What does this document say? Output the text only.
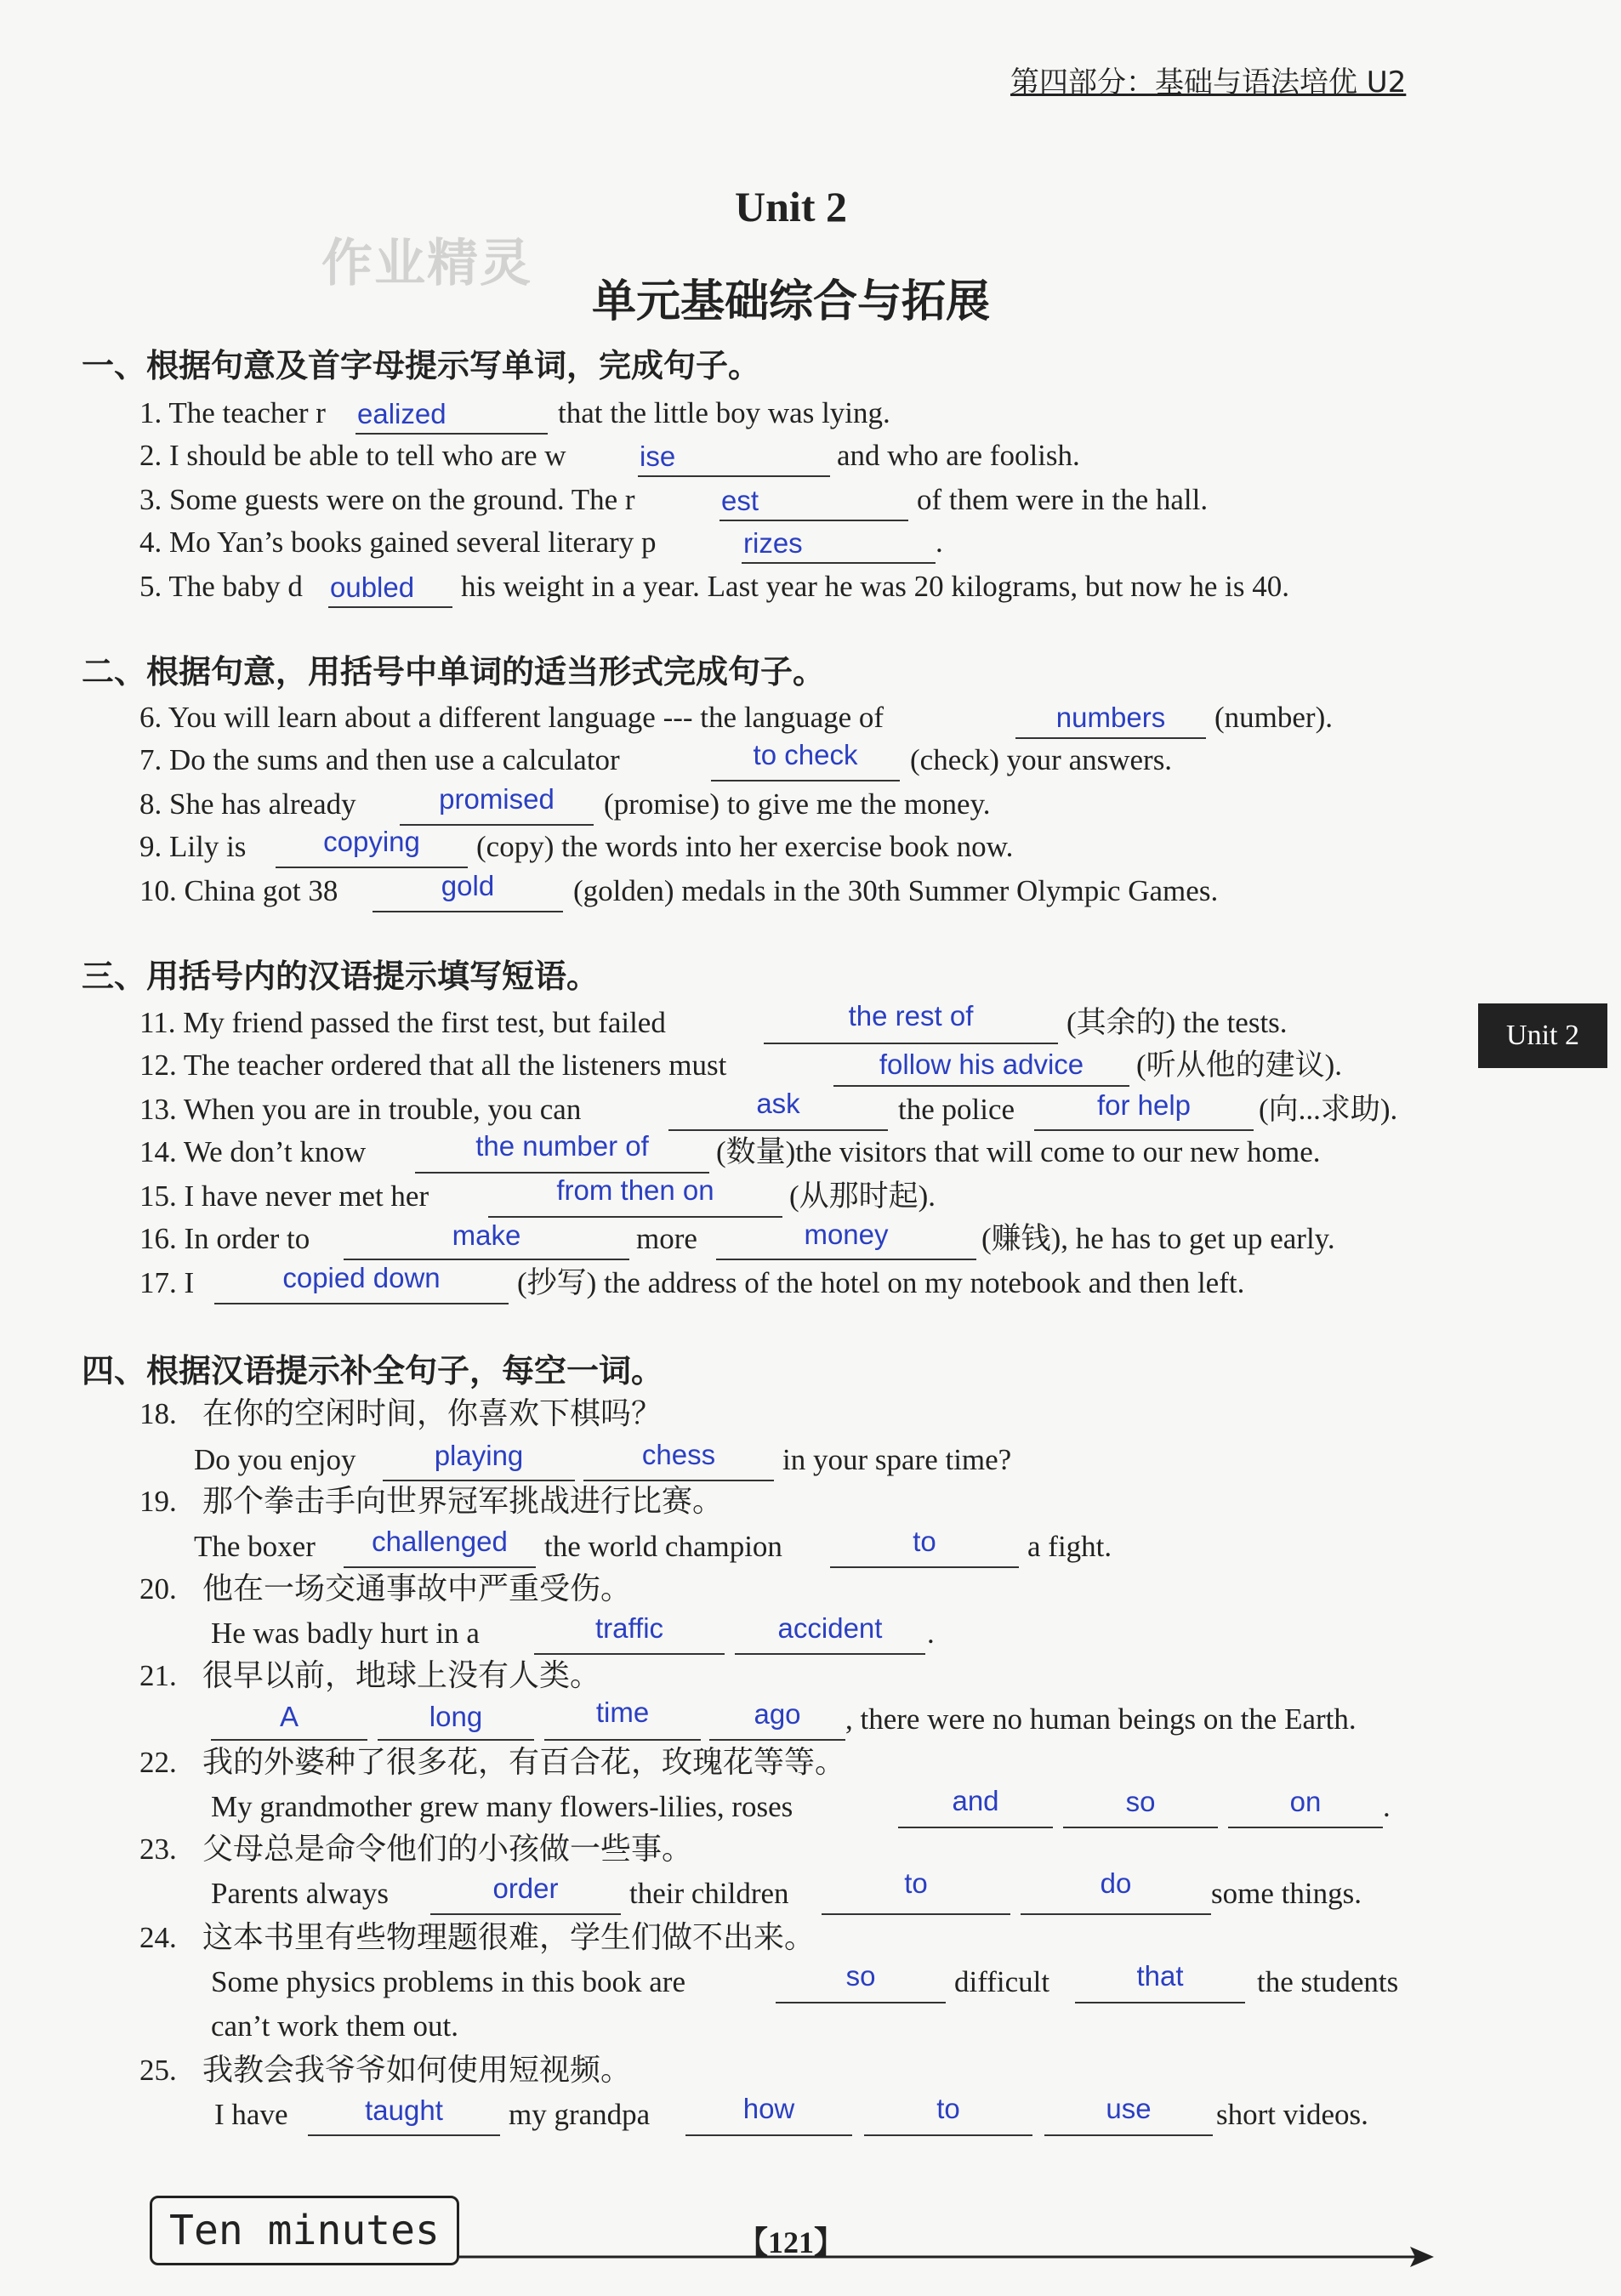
第四部分：基础与语法培优 U2
作业精灵
Unit 2
单元基础综合与拓展
Unit 2
一、根据句意及首字母提示写单词，完成句子。
1. The teacher r ealized	that the little boy was lying.
2. I should be able to tell who are w	ise	and who are foolish.
3. Some guests were on the ground. The r	est	of them were in the hall.
4. Mo Yan’s books gained several literary p	rizes	.
5. The baby d oubled	his weight in a year. Last year he was 20 kilograms, but now he is 40.
二、根据句意，用括号中单词的适当形式完成句子。
6. You will learn about a different language --- the language of	numbers	(number).
7. Do the sums and then use a calculator	to check	(check) your answers.
8. She has already	promised	(promise) to give me the money.
9. Lily is	copying	(copy) the words into her exercise book now.
10. China got 38	gold	(golden) medals in the 30th Summer Olympic Games.
三、用括号内的汉语提示填写短语。
11. My friend passed the first test, but failed	the rest of	(其余的) the tests.
12. The teacher ordered that all the listeners must	follow his advice	(听从他的建议).
13. When you are in trouble, you can	ask	the police	for help	(向...求助).
14. We don’t know	the number of	(数量)the visitors that will come to our new home.
15. I have never met her	from then on	(从那时起).
16. In order to	make	more	money	(赚钱), he has to get up early.
17. I	copied down	(抄写) the address of the hotel on my notebook and then left.
四、根据汉语提示补全句子，每空一词。
18. 在你的空闲时间，你喜欢下棋吗？
Do you enjoy	playing	chess	in your spare time?
19. 那个拳击手向世界冠军挑战进行比赛。
The boxer	challenged	the world champion	to	a fight.
20. 他在一场交通事故中严重受伤。
He was badly hurt in a	traffic	accident	.
21. 很早以前，地球上没有人类。
A	long	time	ago	, there were no human beings on the Earth.
22. 我的外婆种了很多花，有百合花，玫瑰花等等。
My grandmother grew many flowers-lilies, roses	and	so	on	.
23. 父母总是命令他们的小孩做一些事。
Parents always	order	their children	to	do	some things.
24. 这本书里有些物理题很难，学生们做不出来。
Some physics problems in this book are	so	difficult	that	the students
can’t work them out.
25. 我教会我爷爷如何使用短视频。
I have	taught	my grandpa	how	to	use	short videos.
Ten minutes	【121】
